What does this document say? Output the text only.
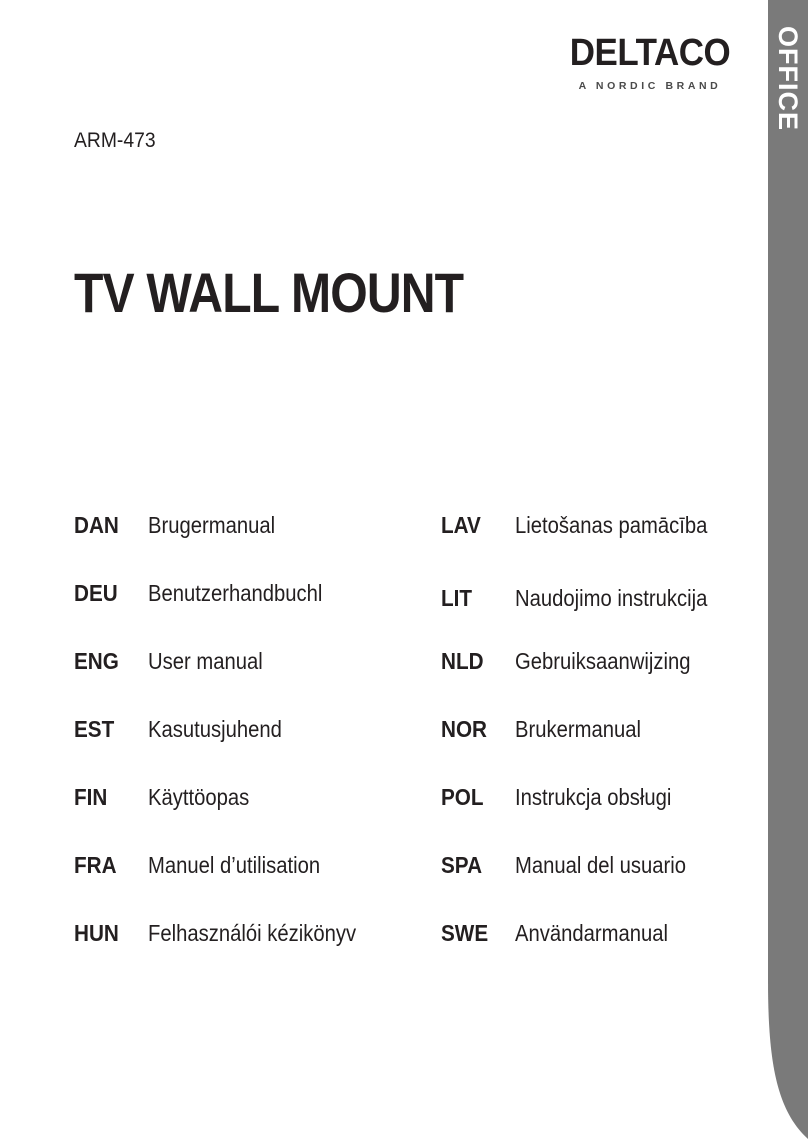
OFFICE
DELTACO
A NORDIC BRAND
ARM-473
TV WALL MOUNT
DAN	Brugermanual
DEU	Benutzerhandbuchl
ENG	User manual
EST	Kasutusjuhend
FIN	Käyttöopas
FRA	Manuel d’utilisation
HUN	Felhasználói kézikönyv
LAV	Lietošanas pamācība
LIT	Naudojimo instrukcija
NLD	Gebruiksaanwijzing
NOR	Brukermanual
POL	Instrukcja obsługi
SPA	Manual del usuario
SWE	Användarmanual
